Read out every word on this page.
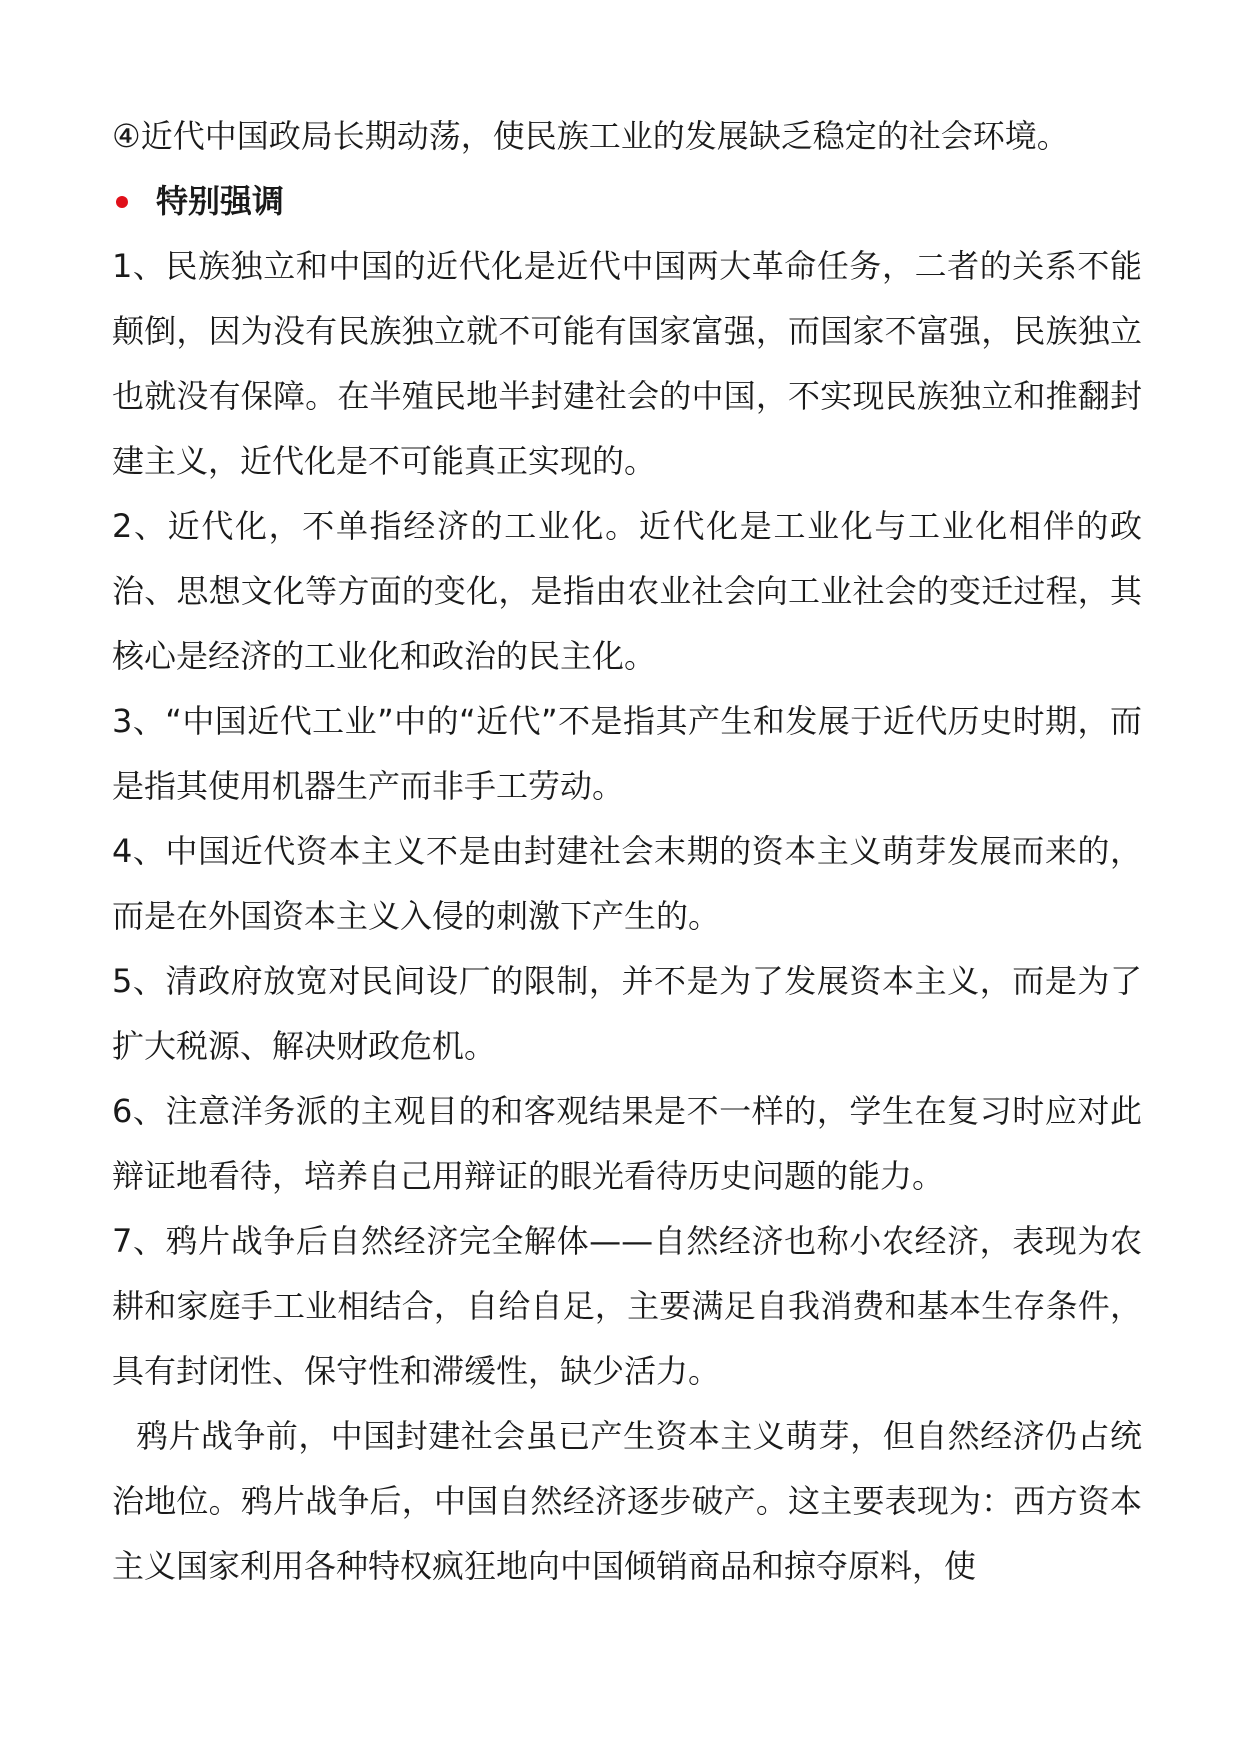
④近代中国政局长期动荡，使民族工业的发展缺乏稳定的社会环境。

特别强调

1、民族独立和中国的近代化是近代中国两大革命任务，二者的关系不能颠倒，因为没有民族独立就不可能有国家富强，而国家不富强，民族独立也就没有保障。在半殖民地半封建社会的中国，不实现民族独立和推翻封建主义，近代化是不可能真正实现的。

2、近代化，不单指经济的工业化。近代化是工业化与工业化相伴的政治、思想文化等方面的变化，是指由农业社会向工业社会的变迁过程，其核心是经济的工业化和政治的民主化。

3、“中国近代工业”中的“近代”不是指其产生和发展于近代历史时期，而是指其使用机器生产而非手工劳动。

4、中国近代资本主义不是由封建社会末期的资本主义萌芽发展而来的，而是在外国资本主义入侵的刺激下产生的。

5、清政府放宽对民间设厂的限制，并不是为了发展资本主义，而是为了扩大税源、解决财政危机。

6、注意洋务派的主观目的和客观结果是不一样的，学生在复习时应对此辩证地看待，培养自己用辩证的眼光看待历史问题的能力。

7、鸦片战争后自然经济完全解体——自然经济也称小农经济，表现为农耕和家庭手工业相结合，自给自足，主要满足自我消费和基本生存条件，具有封闭性、保守性和滞缓性，缺少活力。

鸦片战争前，中国封建社会虽已产生资本主义萌芽，但自然经济仍占统治地位。鸦片战争后，中国自然经济逐步破产。这主要表现为：西方资本主义国家利用各种特权疯狂地向中国倾销商品和掠夺原料，使
